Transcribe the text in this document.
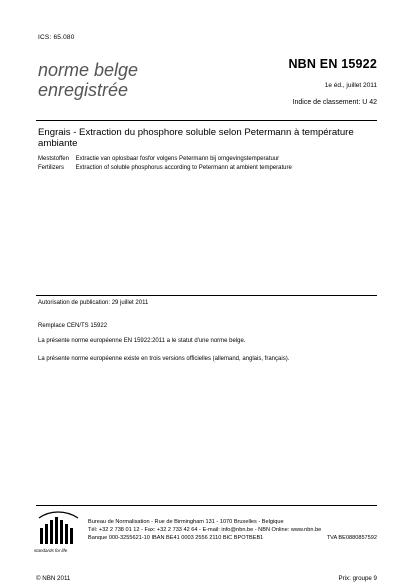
ICS: 65.080
norme belge
enregistrée
NBN EN 15922
1e éd., juillet 2011
Indice de classement: U 42
Engrais - Extraction du phosphore soluble selon Petermann à température ambiante
Meststoffen Extractie van oplosbaar fosfor volgens Petermann bij omgevingstemperatuur
Fertilizers Extraction of soluble phosphorus according to Petermann at ambient temperature
Autorisation de publication: 29 juillet 2011
Remplace CEN/TS 15922
La présente norme européenne EN 15922:2011 a le statut d'une norme belge.
La présente norme européenne existe en trois versions officielles (allemand, anglais, français).
standards for life
Bureau de Normalisation - Rue de Birmingham 131 - 1070 Bruxelles - Belgique
Tél: +32 2 738 01 12 - Fax: +32 2 733 42 64 - E-mail: info@nbn.be - NBN Online: www.nbn.be
Banque 000-3255621-10 IBAN BE41 0003 2556 2110 BIC BPOTBEB1	TVA BE0880857592
© NBN 2011	Prix: groupe 9
